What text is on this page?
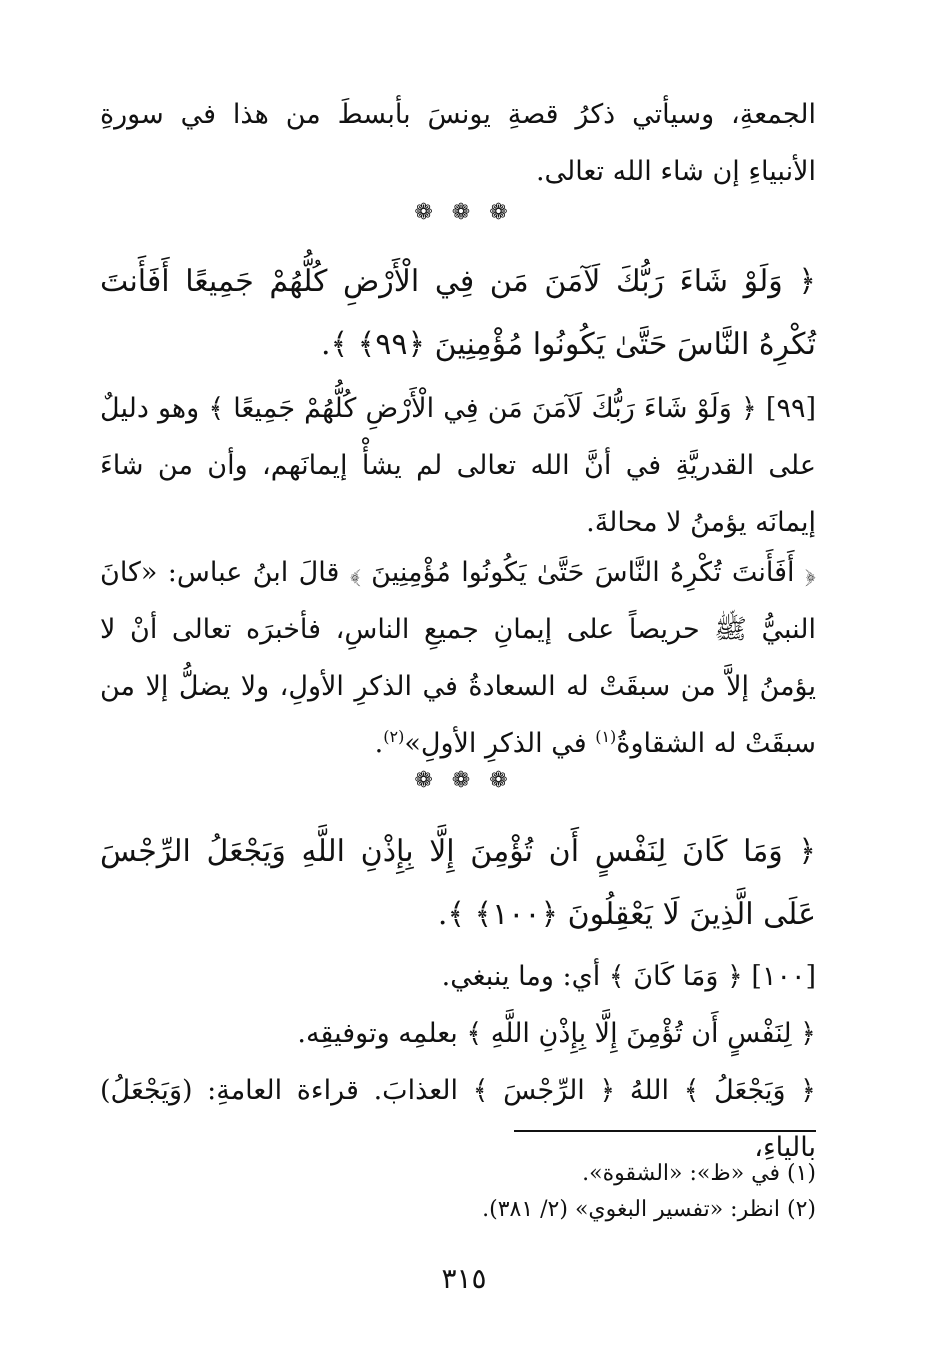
الجمعةِ، وسيأتي ذكرُ قصةِ يونسَ بأبسطَ من هذا في سورةِ الأنبياءِ إن شاء الله تعالى.

❁ ❁ ❁

﴿ وَلَوْ شَاءَ رَبُّكَ لَآمَنَ مَن فِي الْأَرْضِ كُلُّهُمْ جَمِيعًا أَفَأَنتَ تُكْرِهُ النَّاسَ حَتَّىٰ يَكُونُوا مُؤْمِنِينَ ﴿٩٩﴾ ﴾.

[٩٩] ﴿ وَلَوْ شَاءَ رَبُّكَ لَآمَنَ مَن فِي الْأَرْضِ كُلُّهُمْ جَمِيعًا ﴾ وهو دليلٌ على القدريَّةِ في أنَّ الله تعالى لم يشأْ إيمانَهم، وأن من شاءَ إيمانَه يؤمنُ لا محالةَ.

﴿ أَفَأَنتَ تُكْرِهُ النَّاسَ حَتَّىٰ يَكُونُوا مُؤْمِنِينَ ﴾ قالَ ابنُ عباس: «كانَ النبيُّ ﷺ حريصاً على إيمانِ جميعِ الناسِ، فأخبرَه تعالى أنْ لا يؤمنُ إلاَّ من سبقَتْ له السعادةُ في الذكرِ الأولِ، ولا يضلُّ إلا من سبقَتْ له الشقاوةُ$^{(١)}$ في الذكرِ الأولِ»$^{(٢)}$.

❁ ❁ ❁

﴿ وَمَا كَانَ لِنَفْسٍ أَن تُؤْمِنَ إِلَّا بِإِذْنِ اللَّهِ وَيَجْعَلُ الرِّجْسَ عَلَى الَّذِينَ لَا يَعْقِلُونَ ﴿١٠٠﴾ ﴾.

[١٠٠] ﴿ وَمَا كَانَ ﴾ أي: وما ينبغي.

﴿ لِنَفْسٍ أَن تُؤْمِنَ إِلَّا بِإِذْنِ اللَّهِ ﴾ بعلمِه وتوفيقِه.

﴿ وَيَجْعَلُ ﴾ اللهُ ﴿ الرِّجْسَ ﴾ العذابَ. قراءة العامةِ: (وَيَجْعَلُ) بالياءِ،

(١) في «ظ»: «الشقوة».

(٢) انظر: «تفسير البغوي» (٢/ ٣٨١).

٣١٥
